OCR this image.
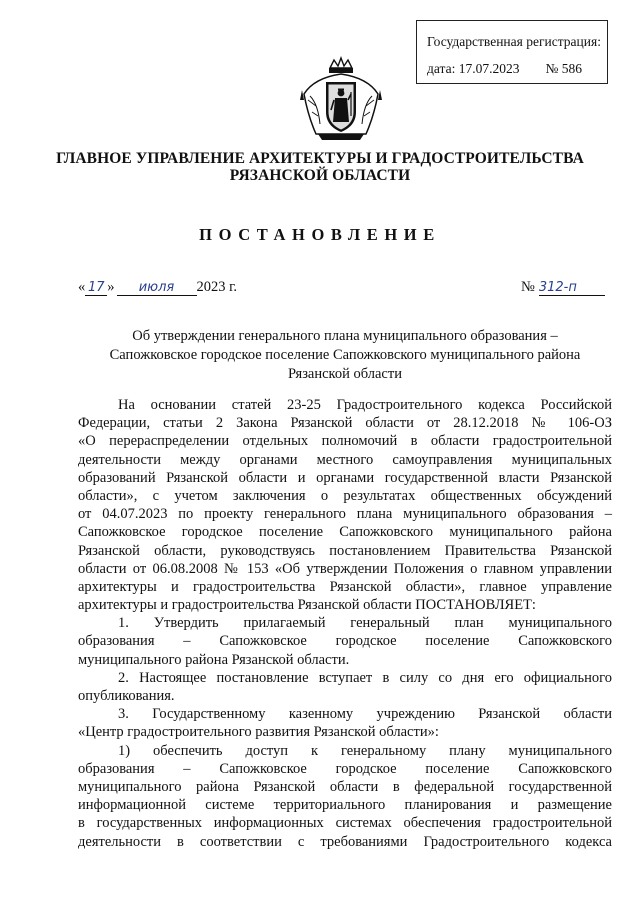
Государственная регистрация:
дата: 17.07.2023 № 586
ГЛАВНОЕ УПРАВЛЕНИЕ АРХИТЕКТУРЫ И ГРАДОСТРОИТЕЛЬСТВА
РЯЗАНСКОЙ ОБЛАСТИ
ПОСТАНОВЛЕНИЕ
« 17 » июля 2023 г.	№ 312-п
Об утверждении генерального плана муниципального образования –
Сапожковское городское поселение Сапожковского муниципального района
Рязанской области
На основании статей 23-25 Градостроительного кодекса Российской
Федерации, статьи 2 Закона Рязанской области от 28.12.2018 № 106-ОЗ
«О перераспределении отдельных полномочий в области градостроительной
деятельности между органами местного самоуправления муниципальных
образований Рязанской области и органами государственной власти Рязанской
области», с учетом заключения о результатах общественных обсуждений
от 04.07.2023 по проекту генерального плана муниципального образования –
Сапожковское городское поселение Сапожковского муниципального района
Рязанской области, руководствуясь постановлением Правительства Рязанской
области от 06.08.2008 № 153 «Об утверждении Положения о главном управлении
архитектуры и градостроительства Рязанской области», главное управление
архитектуры и градостроительства Рязанской области ПОСТАНОВЛЯЕТ:
1. Утвердить прилагаемый генеральный план муниципального
образования – Сапожковское городское поселение Сапожковского
муниципального района Рязанской области.
2. Настоящее постановление вступает в силу со дня его официального
опубликования.
3. Государственному казенному учреждению Рязанской области
«Центр градостроительного развития Рязанской области»:
1) обеспечить доступ к генеральному плану муниципального
образования – Сапожковское городское поселение Сапожковского
муниципального района Рязанской области в федеральной государственной
информационной системе территориального планирования и размещение
в государственных информационных системах обеспечения градостроительной
деятельности в соответствии с требованиями Градостроительного кодекса
